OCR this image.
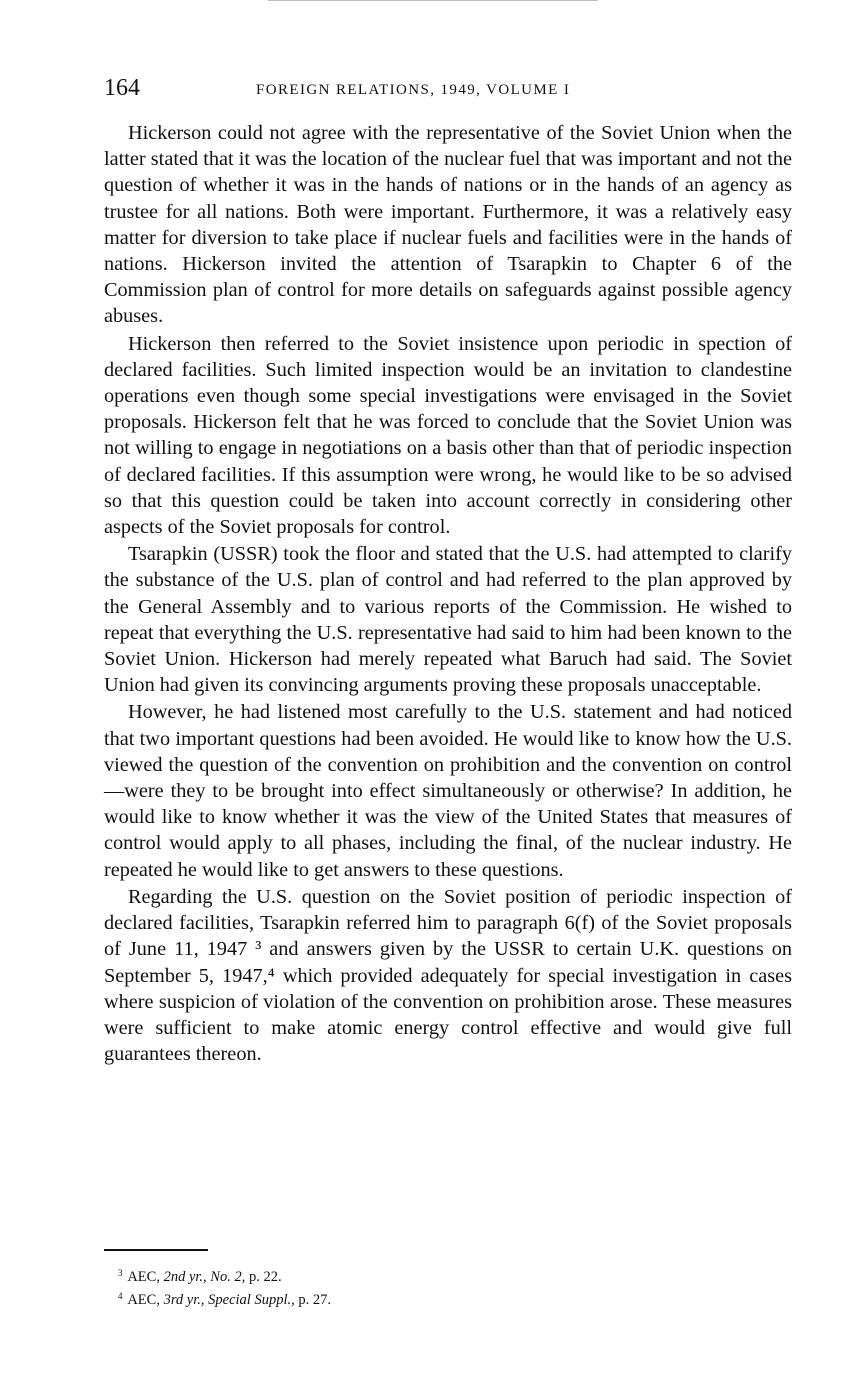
164	FOREIGN RELATIONS, 1949, VOLUME I

Hickerson could not agree with the representative of the Soviet Union when the latter stated that it was the location of the nuclear fuel that was important and not the question of whether it was in the hands of nations or in the hands of an agency as trustee for all nations. Both were important. Furthermore, it was a relatively easy matter for diversion to take place if nuclear fuels and facilities were in the hands of nations. Hickerson invited the attention of Tsarapkin to Chapter 6 of the Commission plan of control for more details on safeguards against possible agency abuses.

Hickerson then referred to the Soviet insistence upon periodic in spection of declared facilities. Such limited inspection would be an invitation to clandestine operations even though some special investigations were envisaged in the Soviet proposals. Hickerson felt that he was forced to conclude that the Soviet Union was not willing to engage in negotiations on a basis other than that of periodic inspection of declared facilities. If this assumption were wrong, he would like to be so advised so that this question could be taken into account correctly in considering other aspects of the Soviet proposals for control.

Tsarapkin (USSR) took the floor and stated that the U.S. had attempted to clarify the substance of the U.S. plan of control and had referred to the plan approved by the General Assembly and to various reports of the Commission. He wished to repeat that everything the U.S. representative had said to him had been known to the Soviet Union. Hickerson had merely repeated what Baruch had said. The Soviet Union had given its convincing arguments proving these proposals unacceptable.

However, he had listened most carefully to the U.S. statement and had noticed that two important questions had been avoided. He would like to know how the U.S. viewed the question of the convention on prohibition and the convention on control—were they to be brought into effect simultaneously or otherwise? In addition, he would like to know whether it was the view of the United States that measures of control would apply to all phases, including the final, of the nuclear industry. He repeated he would like to get answers to these questions.

Regarding the U.S. question on the Soviet position of periodic inspection of declared facilities, Tsarapkin referred him to paragraph 6(f) of the Soviet proposals of June 11, 1947 ³ and answers given by the USSR to certain U.K. questions on September 5, 1947,⁴ which provided adequately for special investigation in cases where suspicion of violation of the convention on prohibition arose. These measures were sufficient to make atomic energy control effective and would give full guarantees thereon.

$^3$ AEC, 2nd yr., No. 2, p. 22.

$^4$ AEC, 3rd yr., Special Suppl., p. 27.
